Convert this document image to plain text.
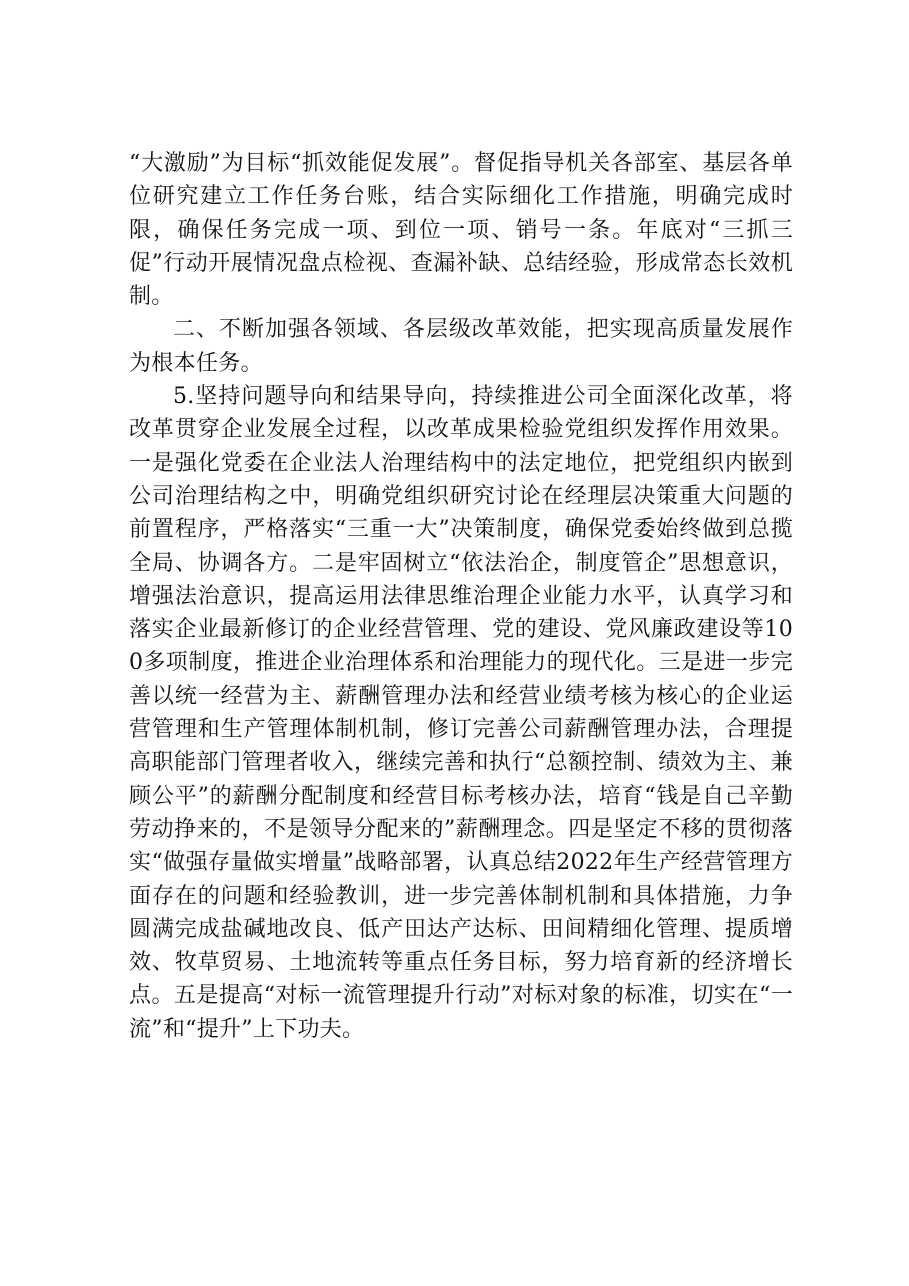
“大激励”为目标“抓效能促发展”。督促指导机关各部室、基层各单位研究建立工作任务台账，结合实际细化工作措施，明确完成时限，确保任务完成一项、到位一项、销号一条。年底对“三抓三促”行动开展情况盘点检视、查漏补缺、总结经验，形成常态长效机制。

二、不断加强各领域、各层级改革效能，把实现高质量发展作为根本任务。

5.坚持问题导向和结果导向，持续推进公司全面深化改革，将改革贯穿企业发展全过程，以改革成果检验党组织发挥作用效果。一是强化党委在企业法人治理结构中的法定地位，把党组织内嵌到公司治理结构之中，明确党组织研究讨论在经理层决策重大问题的前置程序，严格落实“三重一大”决策制度，确保党委始终做到总揽全局、协调各方。二是牢固树立“依法治企，制度管企”思想意识，增强法治意识，提高运用法律思维治理企业能力水平，认真学习和落实企业最新修订的企业经营管理、党的建设、党风廉政建设等100多项制度，推进企业治理体系和治理能力的现代化。三是进一步完善以统一经营为主、薪酬管理办法和经营业绩考核为核心的企业运营管理和生产管理体制机制，修订完善公司薪酬管理办法，合理提高职能部门管理者收入，继续完善和执行“总额控制、绩效为主、兼顾公平”的薪酬分配制度和经营目标考核办法，培育“钱是自己辛勤劳动挣来的，不是领导分配来的”薪酬理念。四是坚定不移的贯彻落实“做强存量做实增量”战略部署，认真总结2022年生产经营管理方面存在的问题和经验教训，进一步完善体制机制和具体措施，力争圆满完成盐碱地改良、低产田达产达标、田间精细化管理、提质增效、牧草贸易、土地流转等重点任务目标，努力培育新的经济增长点。五是提高“对标一流管理提升行动”对标对象的标准，切实在“一流”和“提升”上下功夫。
